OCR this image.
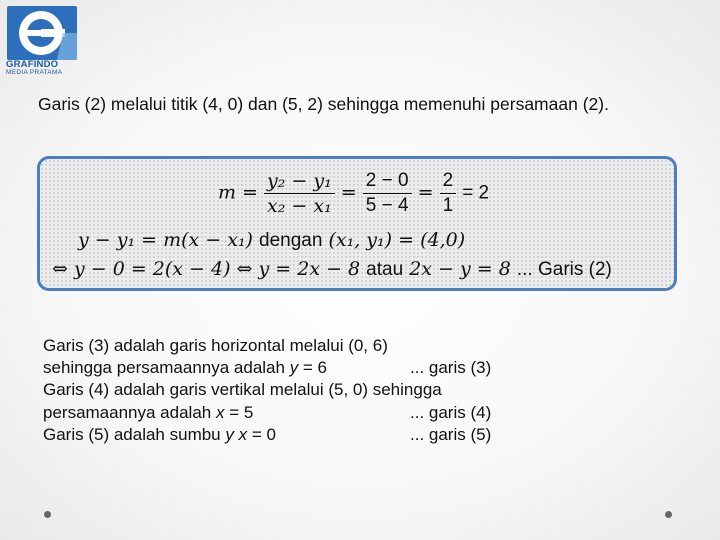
GRAFINDO
MEDIA PRATAMA
Garis (2) melalui titik (4, 0) dan (5, 2) sehingga memenuhi persamaan (2).
$m = \frac{\text{y₂ − y₁}}{\text{x₂ − x₁}} = \frac{2 - 0}{5 - 4} = \frac{2}{1} = 2$
y − y₁ = m(x − x₁) dengan (x₁, y₁) = (4,0)
⇔ y − 0 = 2(x − 4) ⇔ y = 2x − 8 atau 2x − y = 8 ... Garis (2)
Garis (3) adalah garis horizontal melalui (0, 6)
sehingga persamaannya adalah y = 6	... garis (3)
Garis (4) adalah garis vertikal melalui (5, 0) sehingga
persamaannya adalah x = 5	... garis (4)
Garis (5) adalah sumbu y x = 0	... garis (5)
